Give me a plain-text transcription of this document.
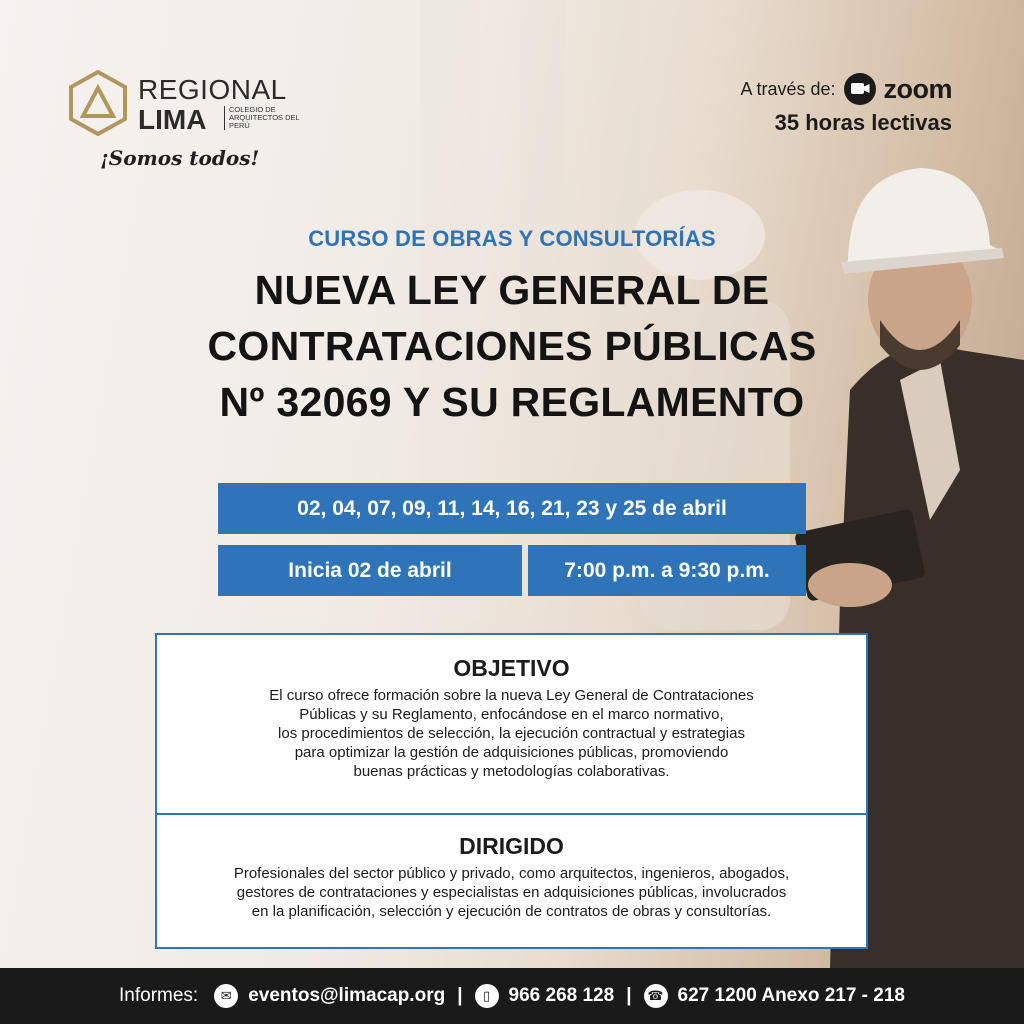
REGIONAL
LIMA	COLEGIO DE ARQUITECTOS DEL PERÚ
¡Somos todos!
A través de: zoom
35 horas lectivas
CURSO DE OBRAS Y CONSULTORÍAS
NUEVA LEY GENERAL DE
CONTRATACIONES PÚBLICAS
Nº 32069 Y SU REGLAMENTO
02, 04, 07, 09, 11, 14, 16, 21, 23 y 25 de abril
Inicia 02 de abril	7:00 p.m. a 9:30 p.m.
OBJETIVO
El curso ofrece formación sobre la nueva Ley General de Contrataciones
Públicas y su Reglamento, enfocándose en el marco normativo,
los procedimientos de selección, la ejecución contractual y estrategias
para optimizar la gestión de adquisiciones públicas, promoviendo
buenas prácticas y metodologías colaborativas.
DIRIGIDO
Profesionales del sector público y privado, como arquitectos, ingenieros, abogados,
gestores de contrataciones y especialistas en adquisiciones públicas, involucrados
en la planificación, selección y ejecución de contratos de obras y consultorías.
Informes:	✉ eventos@limacap.org |	▯ 966 268 128 | ☎ 627 1200 Anexo 217 - 218
